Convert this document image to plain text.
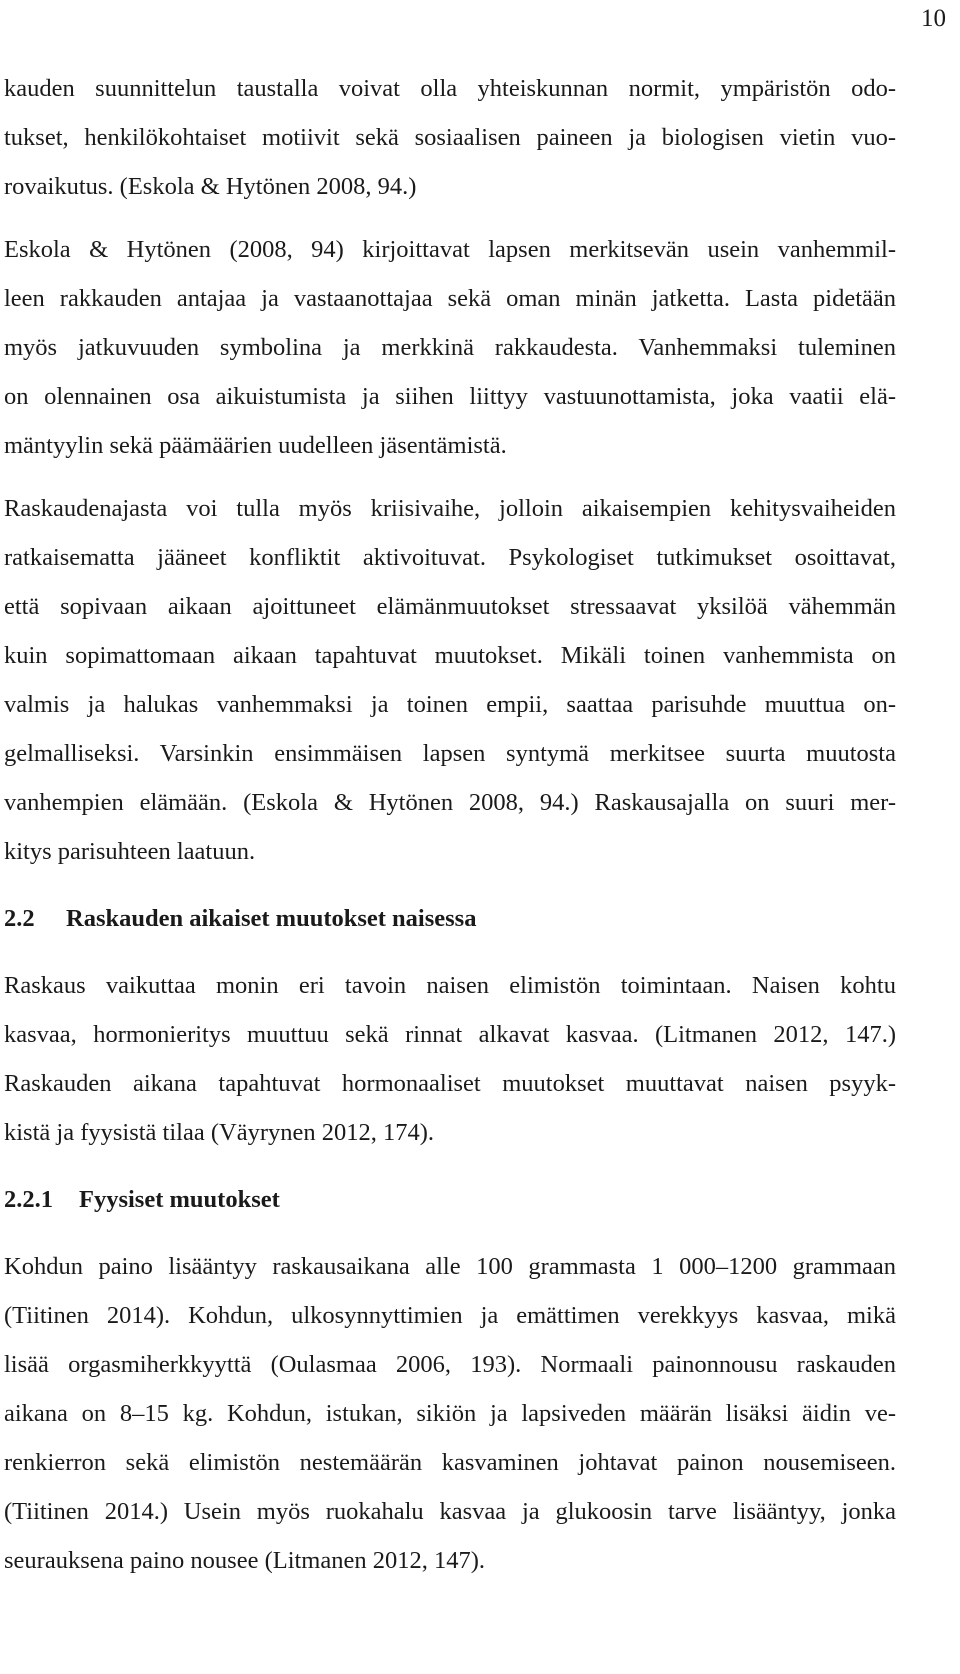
10

kauden suunnittelun taustalla voivat olla yhteiskunnan normit, ympäristön odo-
tukset, henkilökohtaiset motiivit sekä sosiaalisen paineen ja biologisen vietin vuo-
rovaikutus. (Eskola & Hytönen 2008, 94.)

Eskola & Hytönen (2008, 94) kirjoittavat lapsen merkitsevän usein vanhemmil-
leen rakkauden antajaa ja vastaanottajaa sekä oman minän jatketta. Lasta pidetään
myös jatkuvuuden symbolina ja merkkinä rakkaudesta. Vanhemmaksi tuleminen
on olennainen osa aikuistumista ja siihen liittyy vastuunottamista, joka vaatii elä-
mäntyylin sekä päämäärien uudelleen jäsentämistä.

Raskaudenajasta voi tulla myös kriisivaihe, jolloin aikaisempien kehitysvaiheiden
ratkaisematta jääneet konfliktit aktivoituvat. Psykologiset tutkimukset osoittavat,
että sopivaan aikaan ajoittuneet elämänmuutokset stressaavat yksilöä vähemmän
kuin sopimattomaan aikaan tapahtuvat muutokset. Mikäli toinen vanhemmista on
valmis ja halukas vanhemmaksi ja toinen empii, saattaa parisuhde muuttua on-
gelmalliseksi. Varsinkin ensimmäisen lapsen syntymä merkitsee suurta muutosta
vanhempien elämään. (Eskola & Hytönen 2008, 94.) Raskausajalla on suuri mer-
kitys parisuhteen laatuun.

2.2 Raskauden aikaiset muutokset naisessa

Raskaus vaikuttaa monin eri tavoin naisen elimistön toimintaan. Naisen kohtu
kasvaa, hormonieritys muuttuu sekä rinnat alkavat kasvaa. (Litmanen 2012, 147.)
Raskauden aikana tapahtuvat hormonaaliset muutokset muuttavat naisen psyyk-
kistä ja fyysistä tilaa (Väyrynen 2012, 174).

2.2.1 Fyysiset muutokset

Kohdun paino lisääntyy raskausaikana alle 100 grammasta 1 000–1200 grammaan
(Tiitinen 2014). Kohdun, ulkosynnyttimien ja emättimen verekkyys kasvaa, mikä
lisää orgasmiherkkyyttä (Oulasmaa 2006, 193). Normaali painonnousu raskauden
aikana on 8–15 kg. Kohdun, istukan, sikiön ja lapsiveden määrän lisäksi äidin ve-
renkierron sekä elimistön nestemäärän kasvaminen johtavat painon nousemiseen.
(Tiitinen 2014.) Usein myös ruokahalu kasvaa ja glukoosin tarve lisääntyy, jonka
seurauksena paino nousee (Litmanen 2012, 147).
